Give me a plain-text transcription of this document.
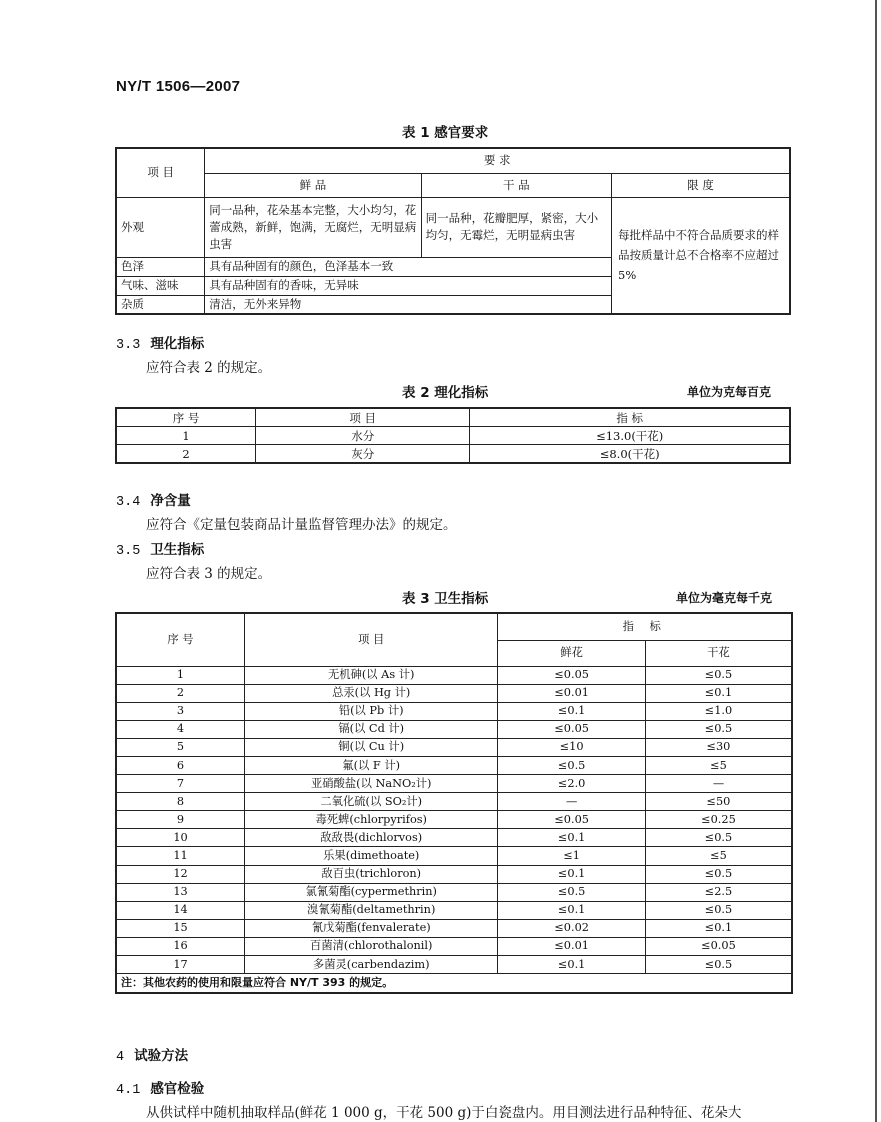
NY/T 1506—2007
表 1 感官要求
项 目	要 求		
	鲜 品	干 品	限 度
外观	同一品种，花朵基本完整，大小均匀，花蕾成熟，新鲜，饱满，无腐烂，无明显病虫害	同一品种，花瓣肥厚，紧密，大小均匀，无霉烂，无明显病虫害	每批样品中不符合品质要求的样品按质量计总不合格率不应超过 5%
色泽	具有品种固有的颜色，色泽基本一致		
气味、滋味	具有品种固有的香味，无异味		
杂质	清洁，无外来异物		
3.3 理化指标
应符合表 2 的规定。
表 2 理化指标	单位为克每百克
序 号	项 目	指 标
1	水分	≤13.0(干花)
2	灰分	≤8.0(干花)
3.4 净含量
应符合《定量包装商品计量监督管理办法》的规定。
3.5 卫生指标
应符合表 3 的规定。
表 3 卫生指标	单位为毫克每千克
序 号	项 目	指 标	
		鲜花	干花
1	无机砷(以 As 计)	≤0.05	≤0.5
2	总汞(以 Hg 计)	≤0.01	≤0.1
3	铅(以 Pb 计)	≤0.1	≤1.0
4	镉(以 Cd 计)	≤0.05	≤0.5
5	铜(以 Cu 计)	≤10	≤30
6	氟(以 F 计)	≤0.5	≤5
7	亚硝酸盐(以 NaNO₂计)	≤2.0	—
8	二氧化硫(以 SO₂计)	—	≤50
9	毒死蜱(chlorpyrifos)	≤0.05	≤0.25
10	敌敌畏(dichlorvos)	≤0.1	≤0.5
11	乐果(dimethoate)	≤1	≤5
12	敌百虫(trichloron)	≤0.1	≤0.5
13	氯氰菊酯(cypermethrin)	≤0.5	≤2.5
14	溴氰菊酯(deltamethrin)	≤0.1	≤0.5
15	氰戊菊酯(fenvalerate)	≤0.02	≤0.1
16	百菌清(chlorothalonil)	≤0.01	≤0.05
17	多菌灵(carbendazim)	≤0.1	≤0.5
注：其他农药的使用和限量应符合 NY/T 393 的规定。			
4 试验方法
4.1 感官检验
从供试样中随机抽取样品(鲜花 1 000 g，干花 500 g)于白瓷盘内。用目测法进行品种特征、花朵大
